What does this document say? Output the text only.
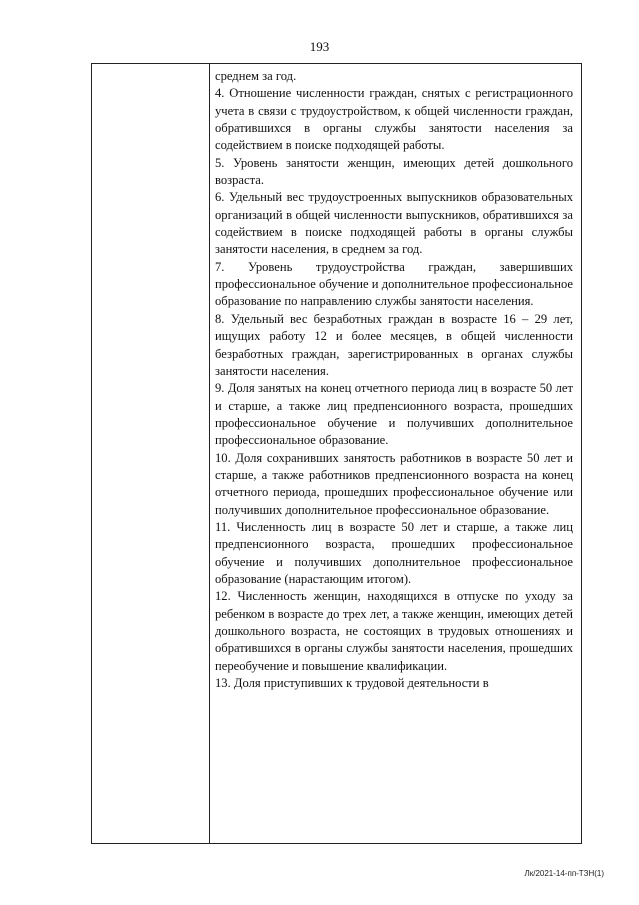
193

среднем за год.

4. Отношение численности граждан, снятых с регистрационного учета в связи с трудоустройством, к общей численности граждан, обратившихся в органы службы занятости населения за содействием в поиске подходящей работы.

5. Уровень занятости женщин, имеющих детей дошкольного возраста.

6. Удельный вес трудоустроенных выпускников образовательных организаций в общей численности выпускников, обратившихся за содействием в поиске подходящей работы в органы службы занятости населения, в среднем за год.

7. Уровень трудоустройства граждан, завершивших профессиональное обучение и дополнительное профессиональное образование по направлению службы занятости населения.

8. Удельный вес безработных граждан в возрасте 16 – 29 лет, ищущих работу 12 и более месяцев, в общей численности безработных граждан, зарегистрированных в органах службы занятости населения.

9. Доля занятых на конец отчетного периода лиц в возрасте 50 лет и старше, а также лиц предпенсионного возраста, прошедших профессиональное обучение и получивших дополнительное профессиональное образование.

10. Доля сохранивших занятость работников в возрасте 50 лет и старше, а также работников предпенсионного возраста на конец отчетного периода, прошедших профессиональное обучение или получивших дополнительное профессиональное образование.

11. Численность лиц в возрасте 50 лет и старше, а также лиц предпенсионного возраста, прошедших профессиональное обучение и получивших дополнительное профессиональное образование (нарастающим итогом).

12. Численность женщин, находящихся в отпуске по уходу за ребенком в возрасте до трех лет, а также женщин, имеющих детей дошкольного возраста, не состоящих в трудовых отношениях и обратившихся в органы службы занятости населения, прошедших переобучение и повышение квалификации.

13. Доля приступивших к трудовой деятельности в

Лк/2021-14-пп-ТЗН(1)
